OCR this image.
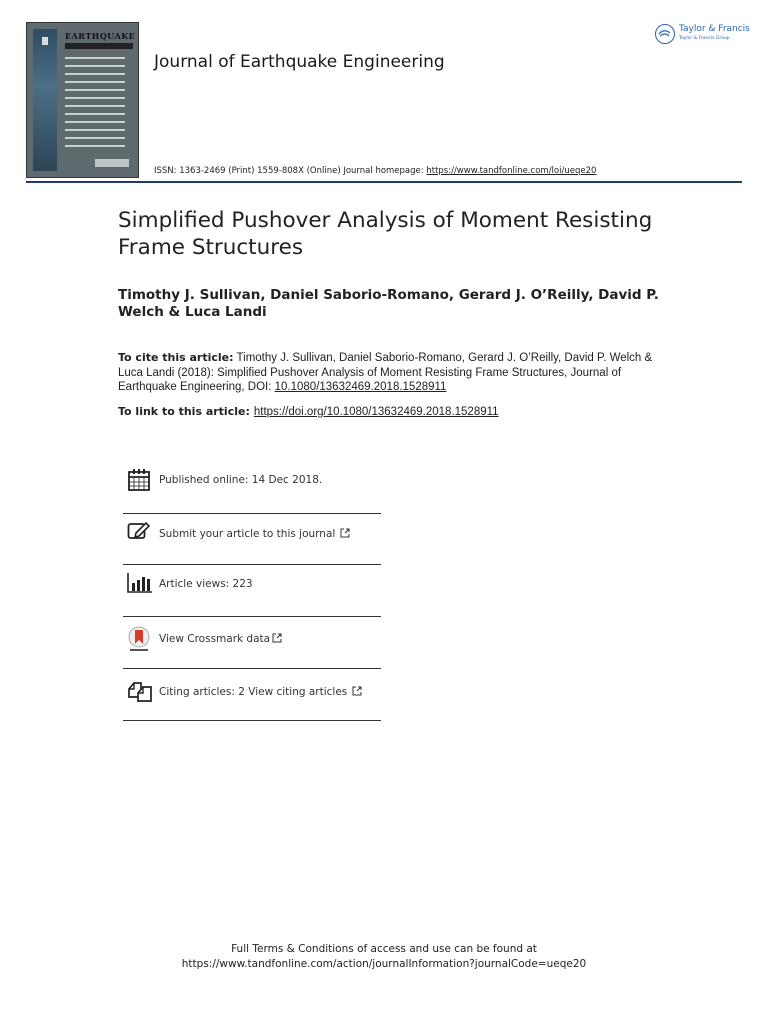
EARTHQUAKE
Journal of Earthquake Engineering
ISSN: 1363-2469 (Print) 1559-808X (Online) Journal homepage: https://www.tandfonline.com/loi/ueqe20
Taylor & Francis
Taylor & Francis Group
Simplified Pushover Analysis of Moment Resisting Frame Structures
Timothy J. Sullivan, Daniel Saborio-Romano, Gerard J. O’Reilly, David P. Welch & Luca Landi
To cite this article: Timothy J. Sullivan, Daniel Saborio-Romano, Gerard J. O’Reilly, David P. Welch & Luca Landi (2018): Simplified Pushover Analysis of Moment Resisting Frame Structures, Journal of Earthquake Engineering, DOI: 10.1080/13632469.2018.1528911
To link to this article: https://doi.org/10.1080/13632469.2018.1528911
Published online: 14 Dec 2018.
Submit your article to this journal
Article views: 223
View Crossmark data
Citing articles: 2 View citing articles
Full Terms & Conditions of access and use can be found at
https://www.tandfonline.com/action/journalInformation?journalCode=ueqe20
